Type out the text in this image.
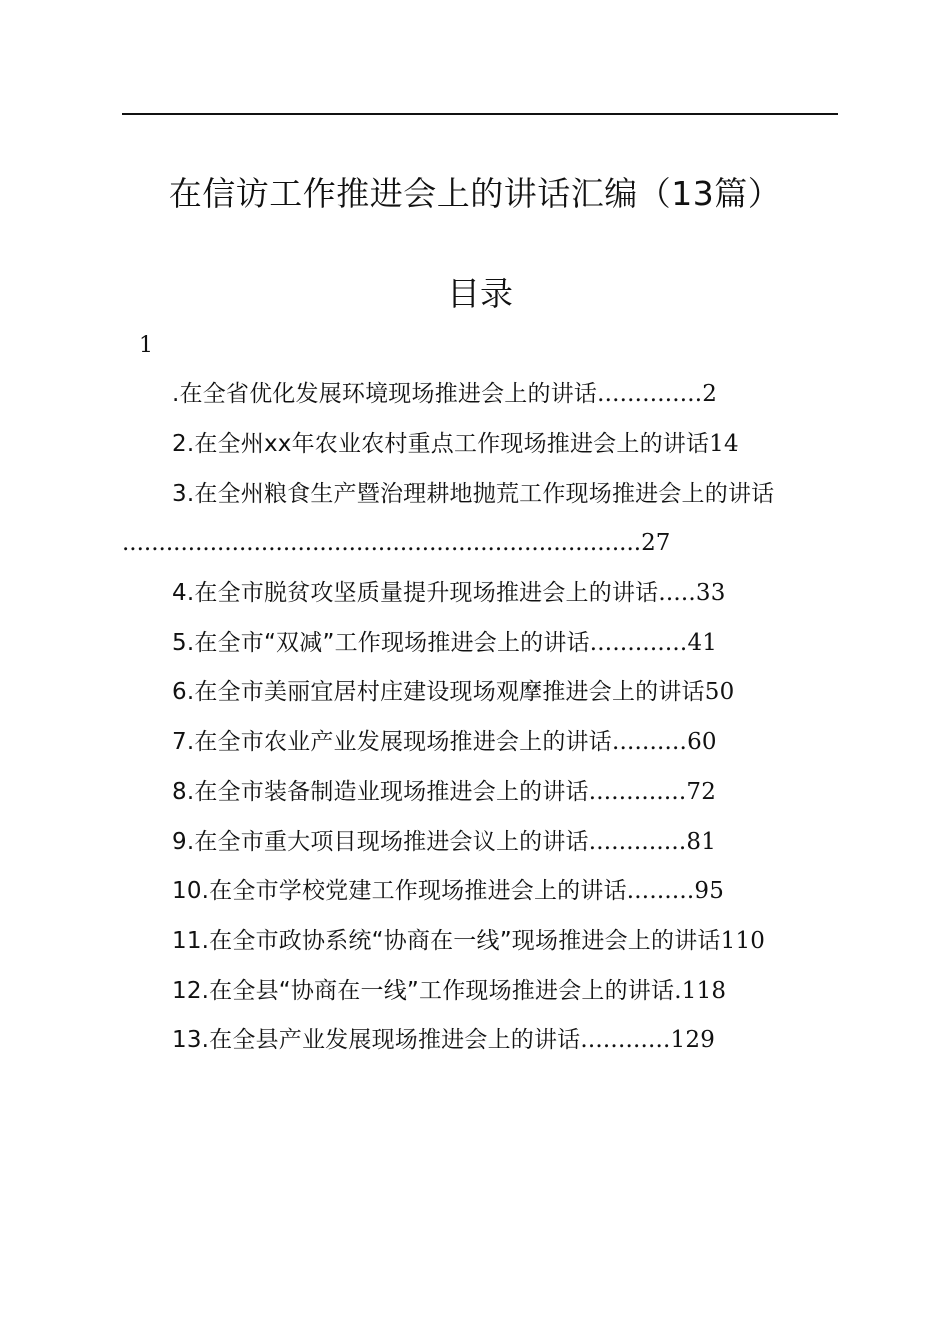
在信访工作推进会上的讲话汇编（13篇）
目录
1
.在全省优化发展环境现场推进会上的讲话..............2
2.在全州xx年农业农村重点工作现场推进会上的讲话14
3.在全州粮食生产暨治理耕地抛荒工作现场推进会上的讲话
.......................................................................27
4.在全市脱贫攻坚质量提升现场推进会上的讲话.....33
5.在全市“双减”工作现场推进会上的讲话.............41
6.在全市美丽宜居村庄建设现场观摩推进会上的讲话50
7.在全市农业产业发展现场推进会上的讲话..........60
8.在全市装备制造业现场推进会上的讲话.............72
9.在全市重大项目现场推进会议上的讲话.............81
10.在全市学校党建工作现场推进会上的讲话.........95
11.在全市政协系统“协商在一线”现场推进会上的讲话110
12.在全县“协商在一线”工作现场推进会上的讲话.118
13.在全县产业发展现场推进会上的讲话............129
